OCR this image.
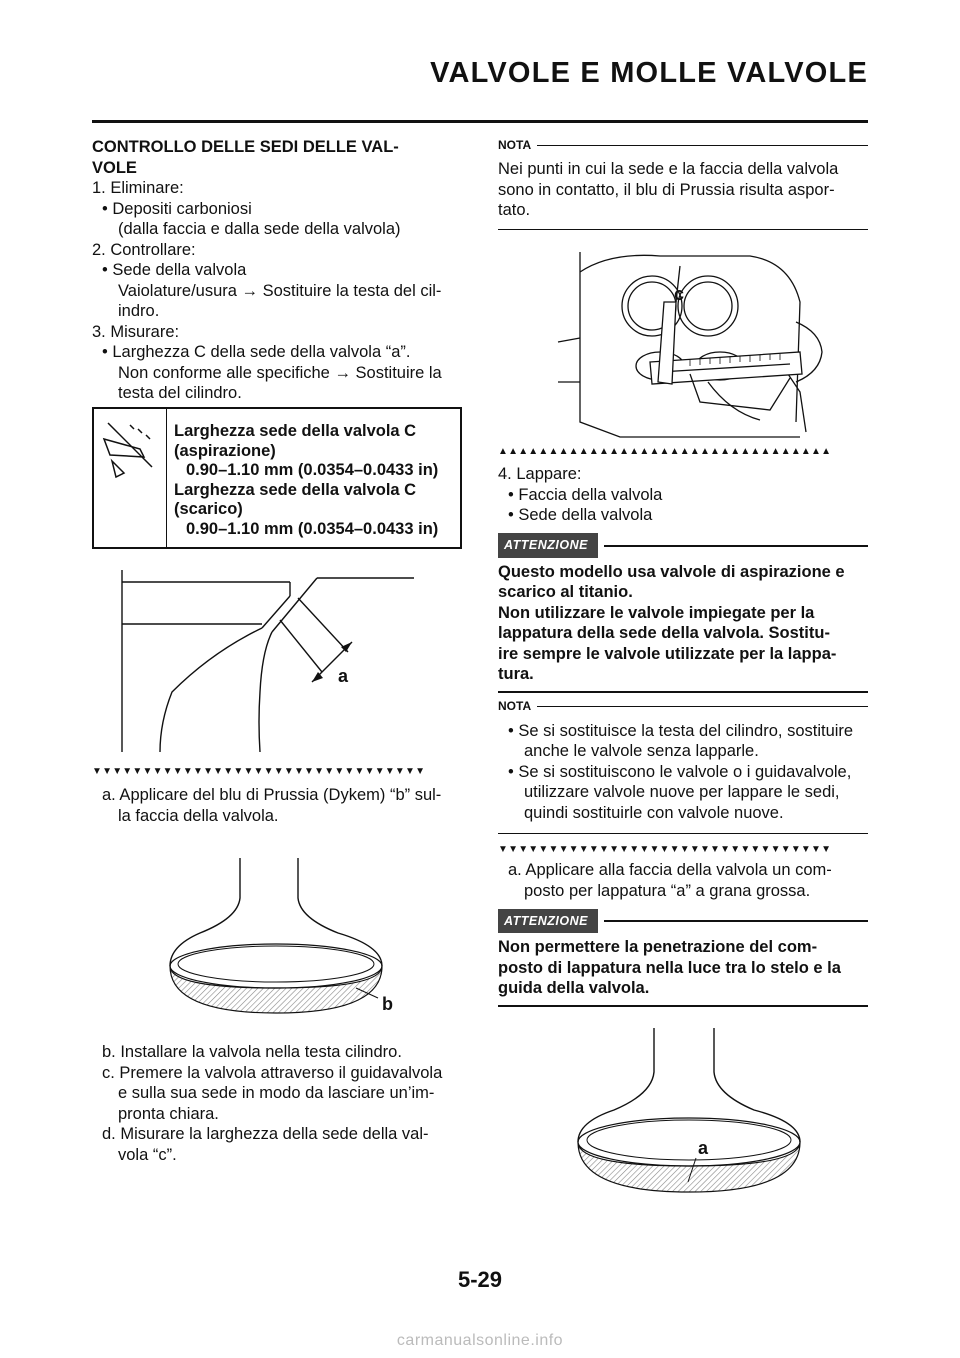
VALVOLE E MOLLE VALVOLE

CONTROLLO DELLE SEDI DELLE VAL-
VOLE

1. Eliminare:

• Depositi carboniosi

(dalla faccia e dalla sede della valvola)

2. Controllare:

• Sede della valvola

Vaiolature/usura → Sostituire la testa del cil-
indro.

3. Misurare:

• Larghezza C della sede della valvola “a”.

Non conforme alle specifiche → Sostituire la
testa del cilindro.

Larghezza sede della valvola C
(aspirazione)
0.90–1.10 mm (0.0354–0.0433 in)
Larghezza sede della valvola C
(scarico)
0.90–1.10 mm (0.0354–0.0433 in)
a
▼▼▼▼▼▼▼▼▼▼▼▼▼▼▼▼▼▼▼▼▼▼▼▼▼▼▼▼▼▼▼▼▼

a. Applicare del blu di Prussia (Dykem) “b” sul-
la faccia della valvola.

b

b. Installare la valvola nella testa cilindro.

c. Premere la valvola attraverso il guidavalvola
e sulla sua sede in modo da lasciare un’im-
pronta chiara.

d. Misurare la larghezza della sede della val-
vola “c”.

NOTA

Nei punti in cui la sede e la faccia della valvola
sono in contatto, il blu di Prussia risulta aspor-
tato.

c
▲▲▲▲▲▲▲▲▲▲▲▲▲▲▲▲▲▲▲▲▲▲▲▲▲▲▲▲▲▲▲▲▲

4. Lappare:

• Faccia della valvola

• Sede della valvola

ATTENZIONE

Questo modello usa valvole di aspirazione e
scarico al titanio.
Non utilizzare le valvole impiegate per la
lappatura della sede della valvola. Sostitu-
ire sempre le valvole utilizzate per la lappa-
tura.

NOTA

• Se si sostituisce la testa del cilindro, sostituire
anche le valvole senza lapparle.

• Se si sostituiscono le valvole o i guidavalvole,
utilizzare valvole nuove per lappare le sedi,
quindi sostituirle con valvole nuove.

▼▼▼▼▼▼▼▼▼▼▼▼▼▼▼▼▼▼▼▼▼▼▼▼▼▼▼▼▼▼▼▼▼

a. Applicare alla faccia della valvola un com-
posto per lappatura “a” a grana grossa.

ATTENZIONE

Non permettere la penetrazione del com-
posto di lappatura nella luce tra lo stelo e la
guida della valvola.

a
5-29
carmanualsonline.info
